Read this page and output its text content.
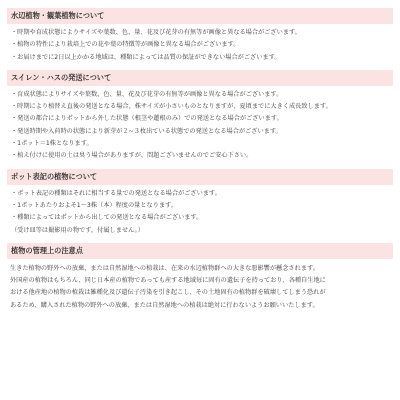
水辺植物・観葉植物について
・時期や育成状態によりサイズや葉数、色、量、花及び花芽の有無等が画像と異なる場合がございます。
・植物の特性により栽培上での花や葉の特徴等が画像と異なる場合がございます。
・お届けまでに2日以上かかる地域は、種類によっては品質の保証ができない場合がございます。
スイレン・ハスの発送について
・育成状態によりサイズや葉数、色、量、花及び花芽の有無等が画像と異なる場合がございます。
・時期により植替え直後の発送となる場合、株サイズが小さいものとなりますが、夏頃までに大きく成長致します。
・発送の都合によりポットから外した状態（根茎や蓮根のみ）での発送となる場合がございます。
・発送時期や入荷時の状態により新芽が２~３枚出ている状態での発送となる場合がございます。
・1ポット＝1株となります。
・植え付けに使用の土は臭う場合がありますが、問題ございませんのでご安心下さい。
ポット表記の植物について
・ポット表記の種類はそれに相当する量での発送となる場合がございます。
・1ポットあたりおよそ1～3株（本）程度の量となります。
・種類によってはポットから出しての発送となる場合がございます。
（受け皿等は撮影用の物です。付属しません。）
植物の管理上の注意点
生きた植物の野外への放棄、または自然湿地への植栽は、在来の水辺植物群への大きな悪影響が懸念されます。
外国産の植物はもちろん、同じ日本産の植物であっても産する地域毎に固有の遺伝子を持っており、各種自生地に
おける他産地の植物の植栽は雑種化及び遺伝子汚染を引き起こし、その土地固有の植物群を破壊してしまう恐れが
あるため、購入された植物の野外への放棄、または自然湿地への植栽は絶対に行わないようお願いいたします。
